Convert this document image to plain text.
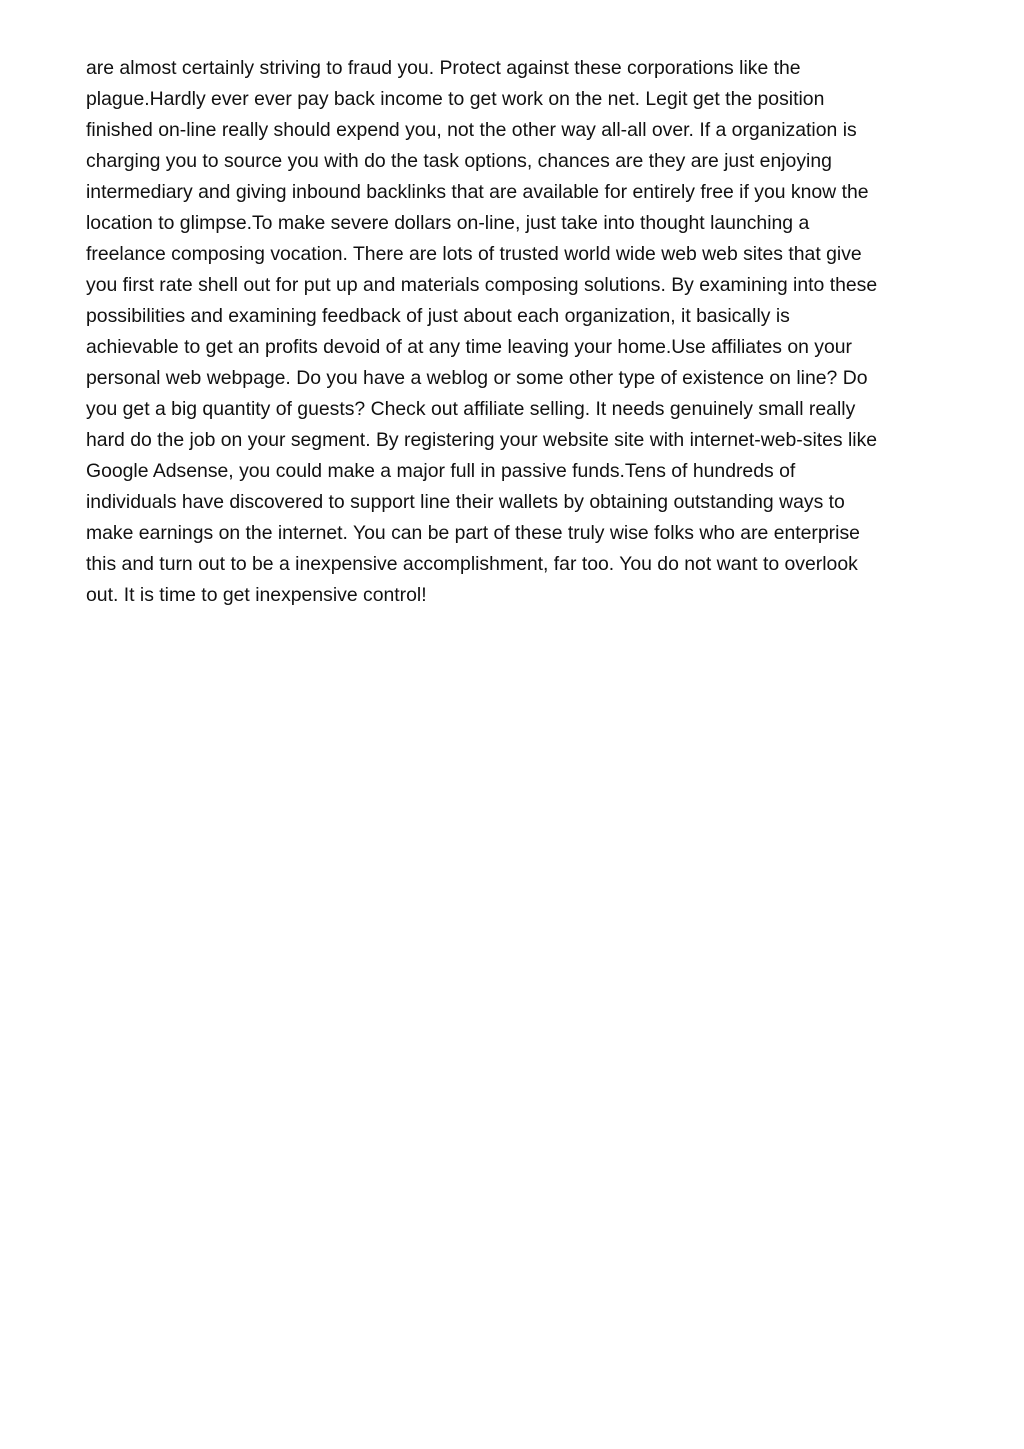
are almost certainly striving to fraud you. Protect against these corporations like the
plague.Hardly ever ever pay back income to get work on the net. Legit get the position
finished on-line really should expend you, not the other way all-all over. If a organization is
charging you to source you with do the task options, chances are they are just enjoying
intermediary and giving inbound backlinks that are available for entirely free if you know the
location to glimpse.To make severe dollars on-line, just take into thought launching a
freelance composing vocation. There are lots of trusted world wide web web sites that give
you first rate shell out for put up and materials composing solutions. By examining into these
possibilities and examining feedback of just about each organization, it basically is
achievable to get an profits devoid of at any time leaving your home.Use affiliates on your
personal web webpage. Do you have a weblog or some other type of existence on line? Do
you get a big quantity of guests? Check out affiliate selling. It needs genuinely small really
hard do the job on your segment. By registering your website site with internet-web-sites like
Google Adsense, you could make a major full in passive funds.Tens of hundreds of
individuals have discovered to support line their wallets by obtaining outstanding ways to
make earnings on the internet. You can be part of these truly wise folks who are enterprise
this and turn out to be a inexpensive accomplishment, far too. You do not want to overlook
out. It is time to get inexpensive control!
